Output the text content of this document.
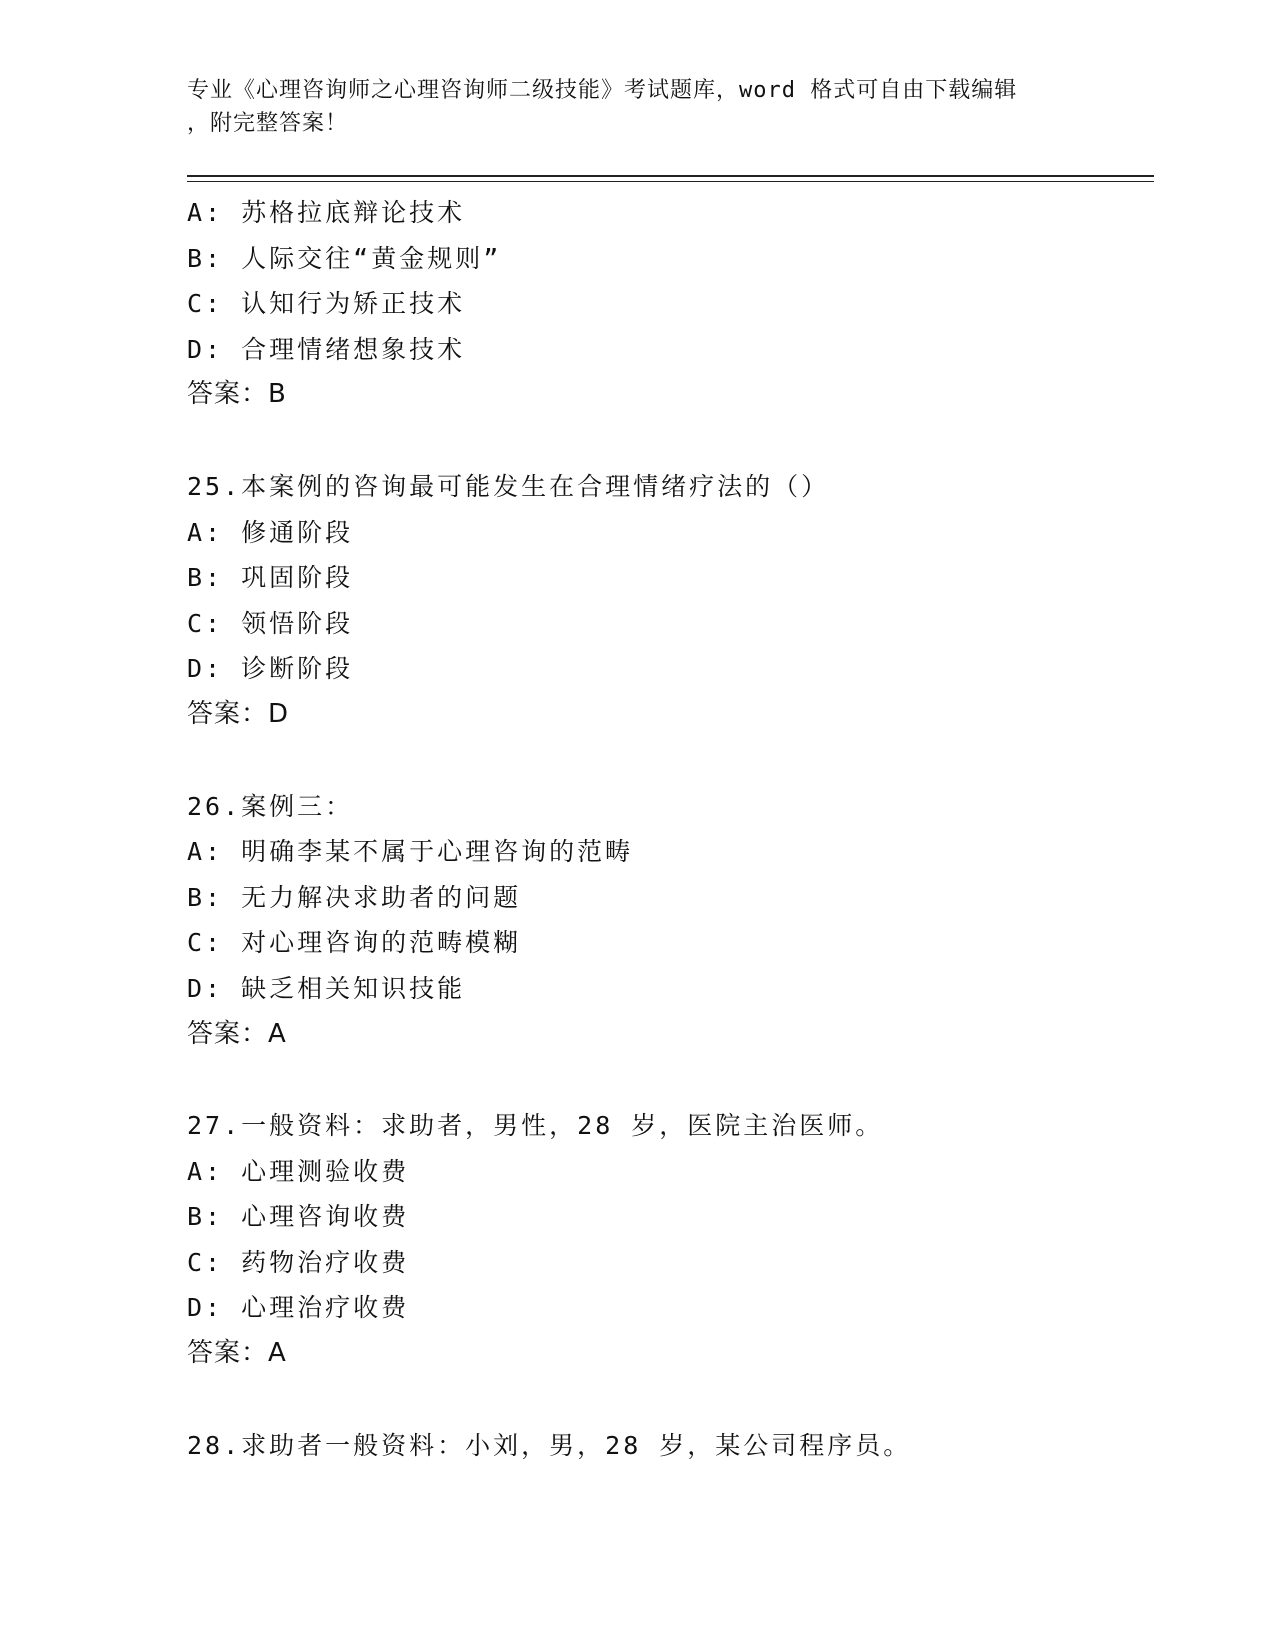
专业《心理咨询师之心理咨询师二级技能》考试题库，word 格式可自由下载编辑
，附完整答案！
A: 苏格拉底辩论技术
B: 人际交往“黄金规则”
C: 认知行为矫正技术
D: 合理情绪想象技术
答案：B
25.本案例的咨询最可能发生在合理情绪疗法的（）
A: 修通阶段
B: 巩固阶段
C: 领悟阶段
D: 诊断阶段
答案：D
26.案例三：
A: 明确李某不属于心理咨询的范畴
B: 无力解决求助者的问题
C: 对心理咨询的范畴模糊
D: 缺乏相关知识技能
答案：A
27.一般资料：求助者，男性，28 岁，医院主治医师。
A: 心理测验收费
B: 心理咨询收费
C: 药物治疗收费
D: 心理治疗收费
答案：A
28.求助者一般资料：小刘，男，28 岁，某公司程序员。
